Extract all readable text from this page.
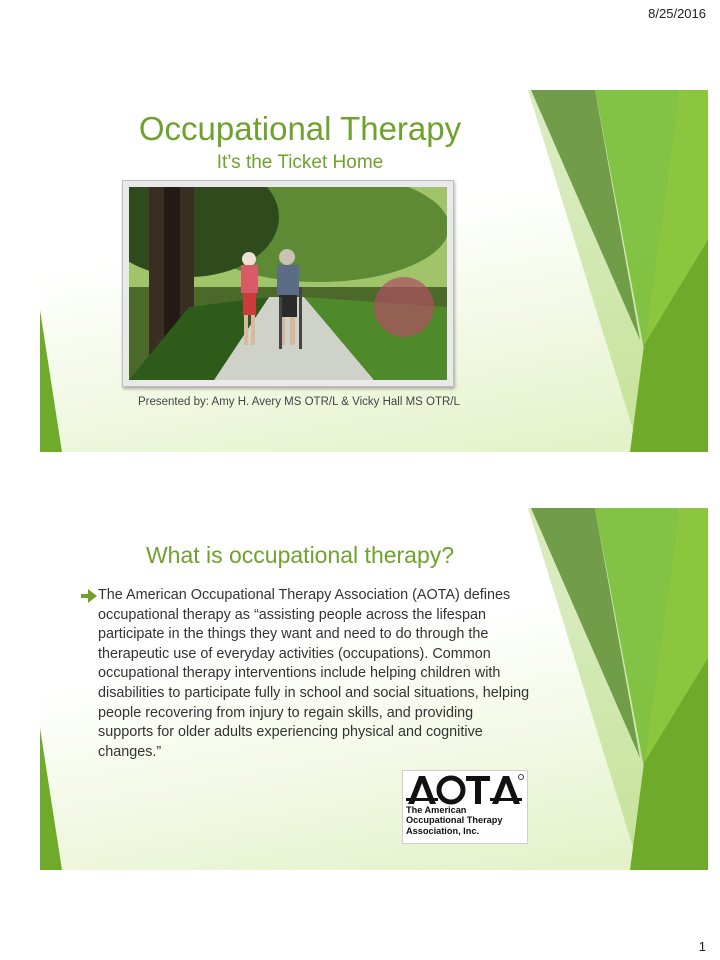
8/25/2016
Occupational Therapy
It’s the Ticket Home
Presented by: Amy H. Avery MS OTR/L & Vicky Hall MS OTR/L
What is occupational therapy?

The American Occupational Therapy Association (AOTA) defines occupational therapy as “assisting people across the lifespan participate in the things they want and need to do through the therapeutic use of everyday activities (occupations). Common occupational therapy interventions include helping children with disabilities to participate fully in school and social situations, helping people recovering from injury to regain skills, and providing supports for older adults experiencing physical and cognitive changes.”

The American
Occupational Therapy
Association, Inc.
1
